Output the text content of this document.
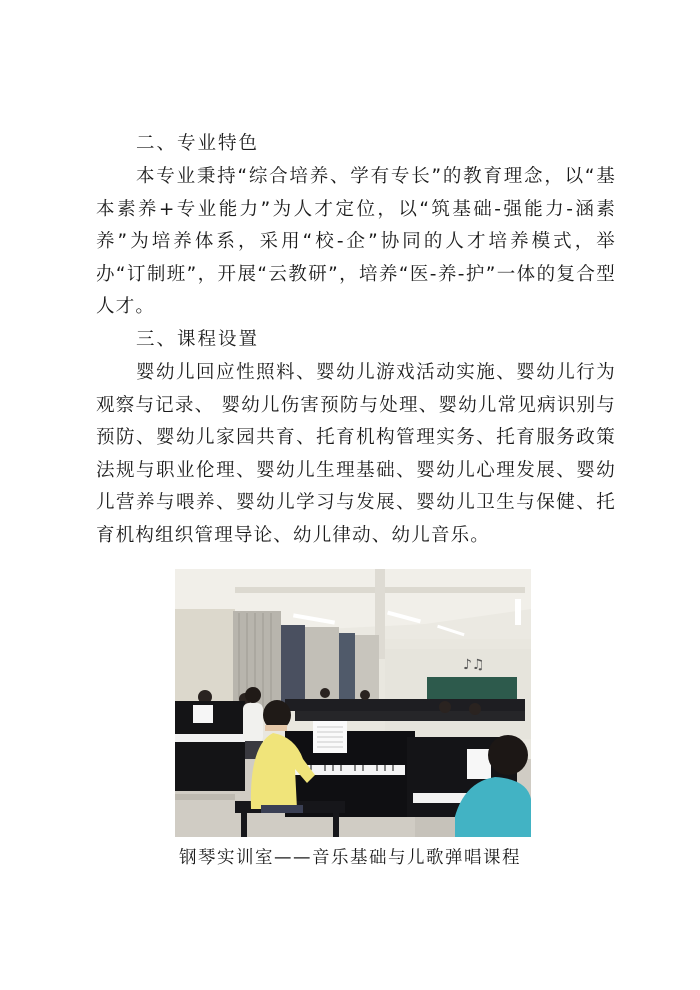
二、专业特色

本专业秉持“综合培养、学有专长”的教育理念，以“基本素养+专业能力”为人才定位，以“筑基础-强能力-涵素养”为培养体系，采用“校-企”协同的人才培养模式，举办“订制班”，开展“云教研”，培养“医-养-护”一体的复合型人才。

三、课程设置

婴幼儿回应性照料、婴幼儿游戏活动实施、婴幼儿行为观察与记录、 婴幼儿伤害预防与处理、婴幼儿常见病识别与预防、婴幼儿家园共育、托育机构管理实务、托育服务政策法规与职业伦理、婴幼儿生理基础、婴幼儿心理发展、婴幼儿营养与喂养、婴幼儿学习与发展、婴幼儿卫生与保健、托育机构组织管理导论、幼儿律动、幼儿音乐。

♪♫
钢琴实训室——音乐基础与儿歌弹唱课程
